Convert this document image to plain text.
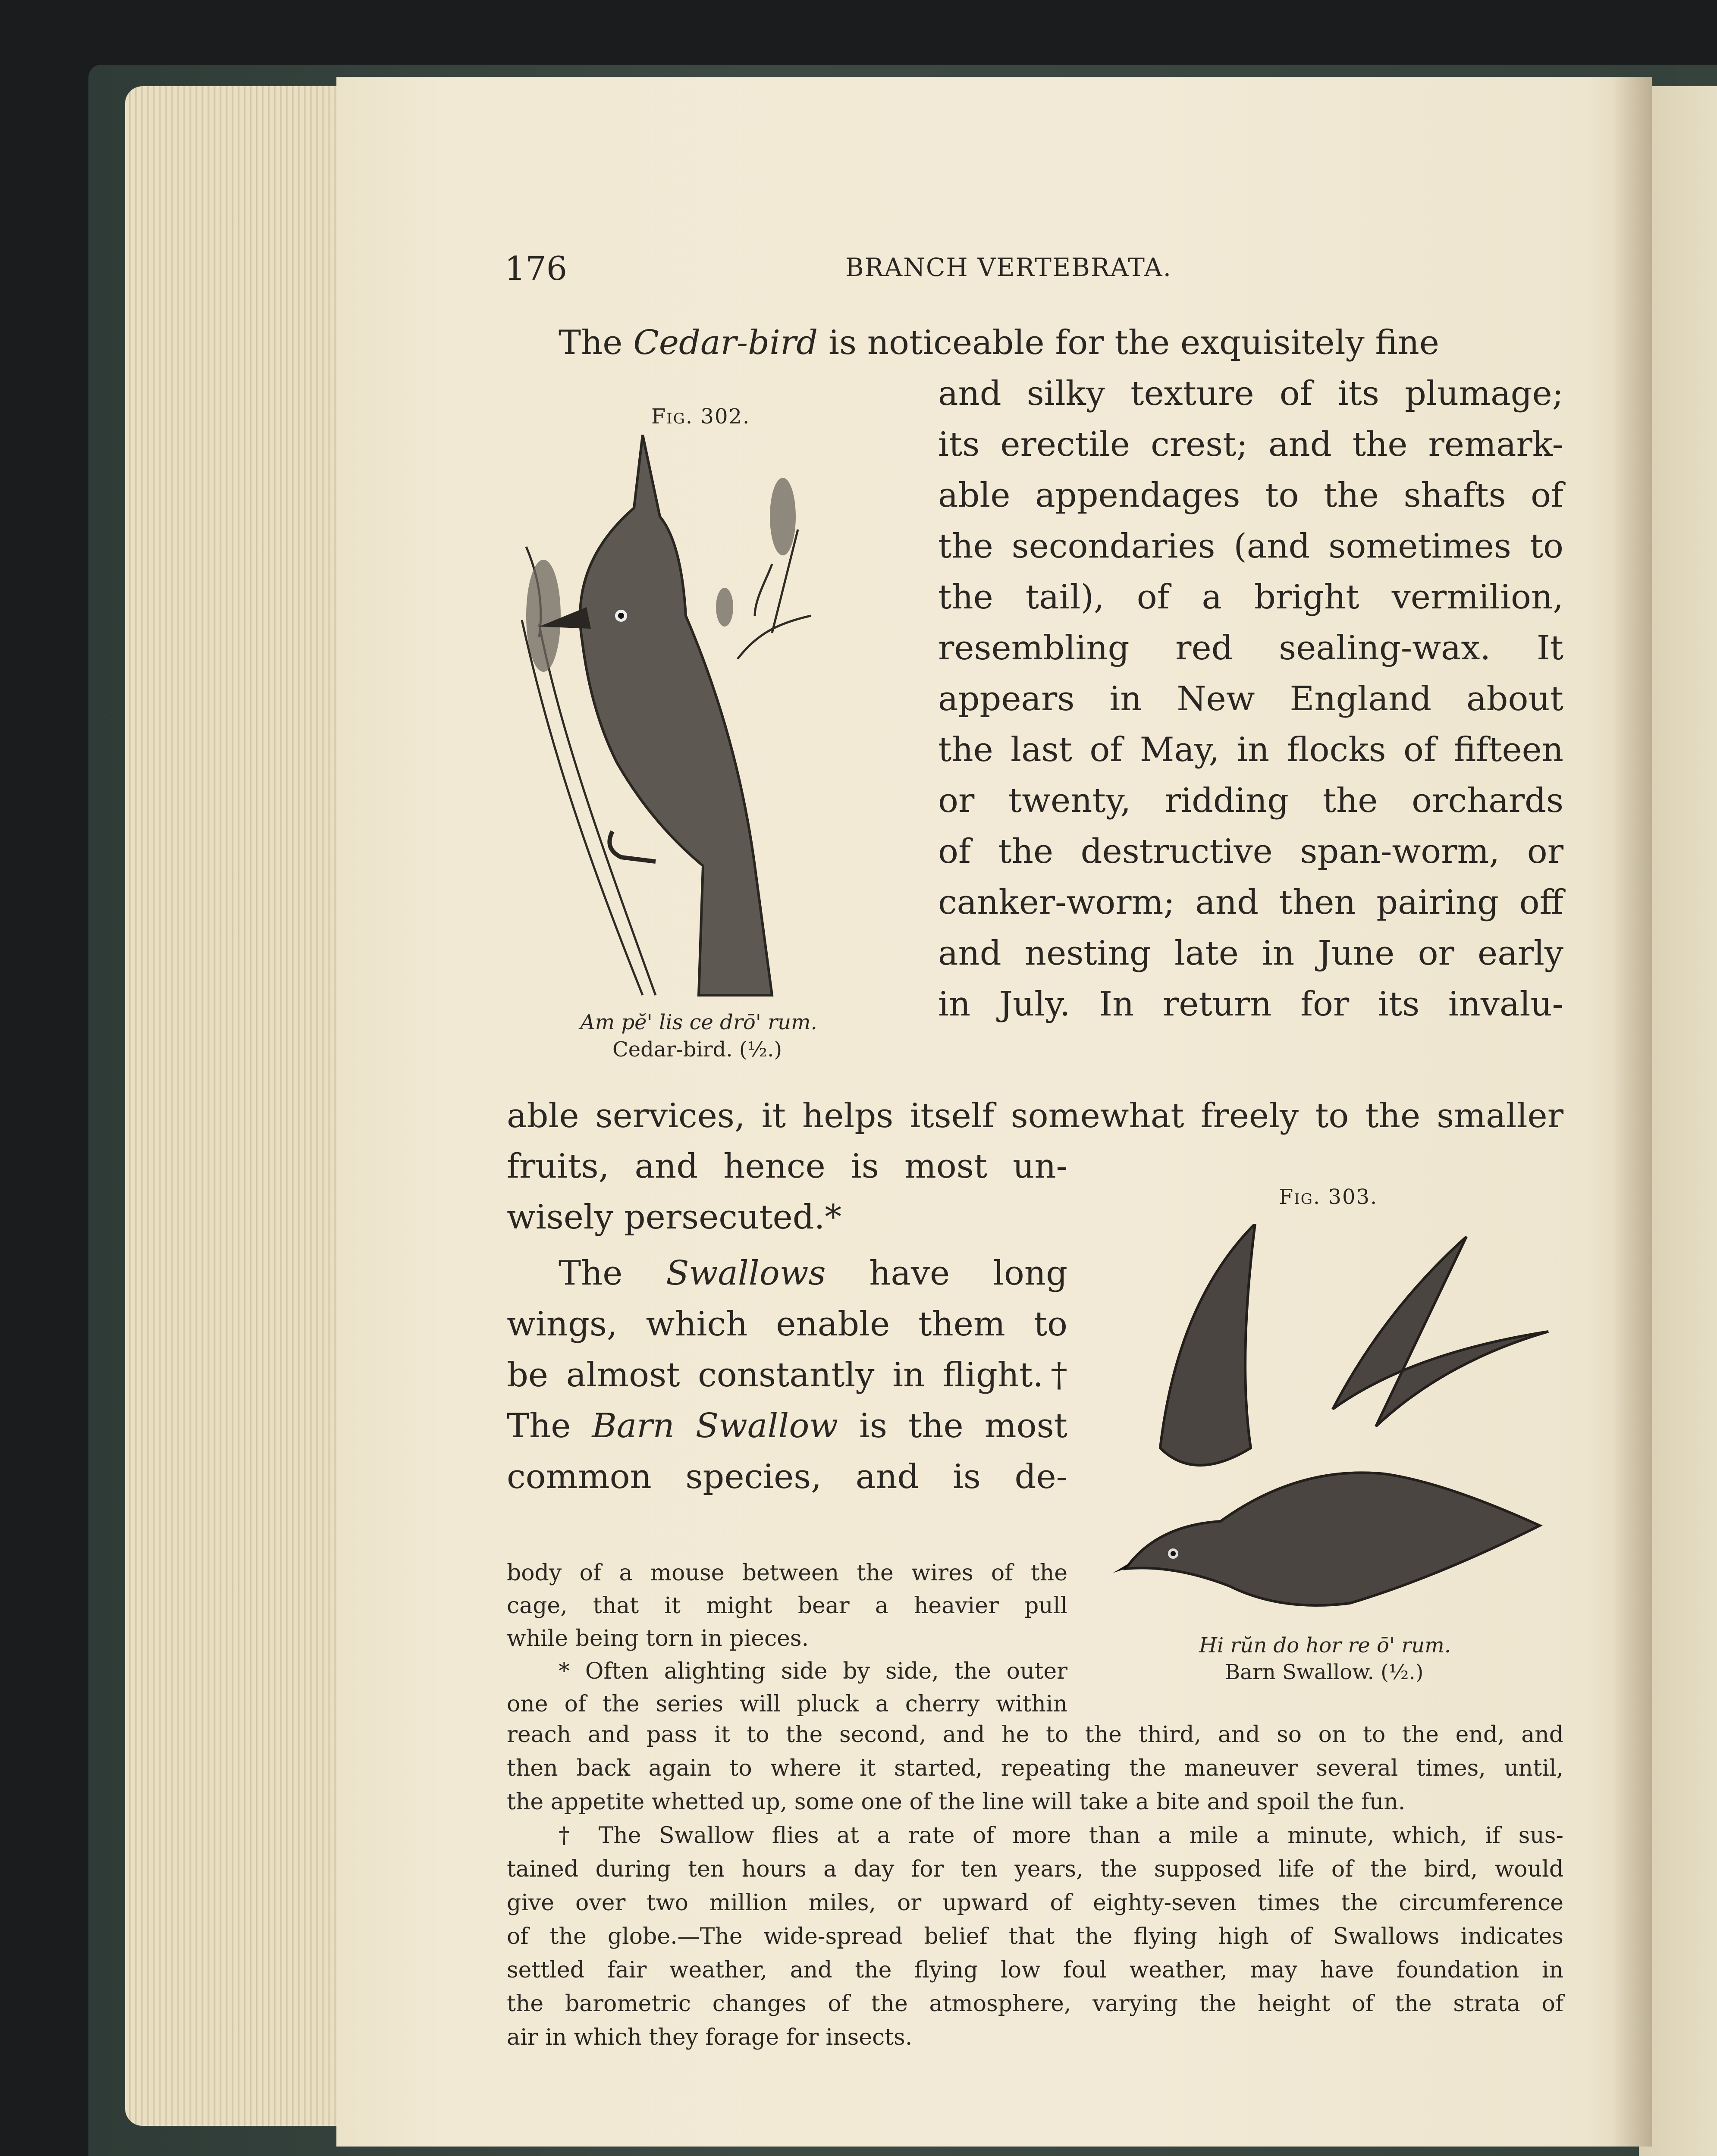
176	BRANCH VERTEBRATA.
The Cedar-bird is noticeable for the exquisitely fine
Fig. 302.
Am pĕ' lis ce drō' rum.
Cedar-bird. (½.)
and silky texture of its plumage;
its erectile crest; and the remark-
able appendages to the shafts of
the secondaries (and sometimes to
the tail), of a bright vermilion,
resembling red sealing-wax. It
appears in New England about
the last of May, in flocks of fifteen
or twenty, ridding the orchards
of the destructive span-worm, or
canker-worm; and then pairing off
and nesting late in June or early
in July. In return for its invalu-
able services, it helps itself somewhat freely to the smaller
fruits, and hence is most un-
wisely persecuted.*
The Swallows have long
wings, which enable them to
be almost constantly in flight.†
The Barn Swallow is the most
common species, and is de-
Fig. 303.
Hi rŭn do hor re ō' rum.
Barn Swallow. (½.)
body of a mouse between the wires of the
cage, that it might bear a heavier pull
while being torn in pieces.
* Often alighting side by side, the outer
one of the series will pluck a cherry within
reach and pass it to the second, and he to the third, and so on to the end, and
then back again to where it started, repeating the maneuver several times, until,
the appetite whetted up, some one of the line will take a bite and spoil the fun.
† The Swallow flies at a rate of more than a mile a minute, which, if sus-
tained during ten hours a day for ten years, the supposed life of the bird, would
give over two million miles, or upward of eighty-seven times the circumference
of the globe.—The wide-spread belief that the flying high of Swallows indicates
settled fair weather, and the flying low foul weather, may have foundation in
the barometric changes of the atmosphere, varying the height of the strata of
air in which they forage for insects.
